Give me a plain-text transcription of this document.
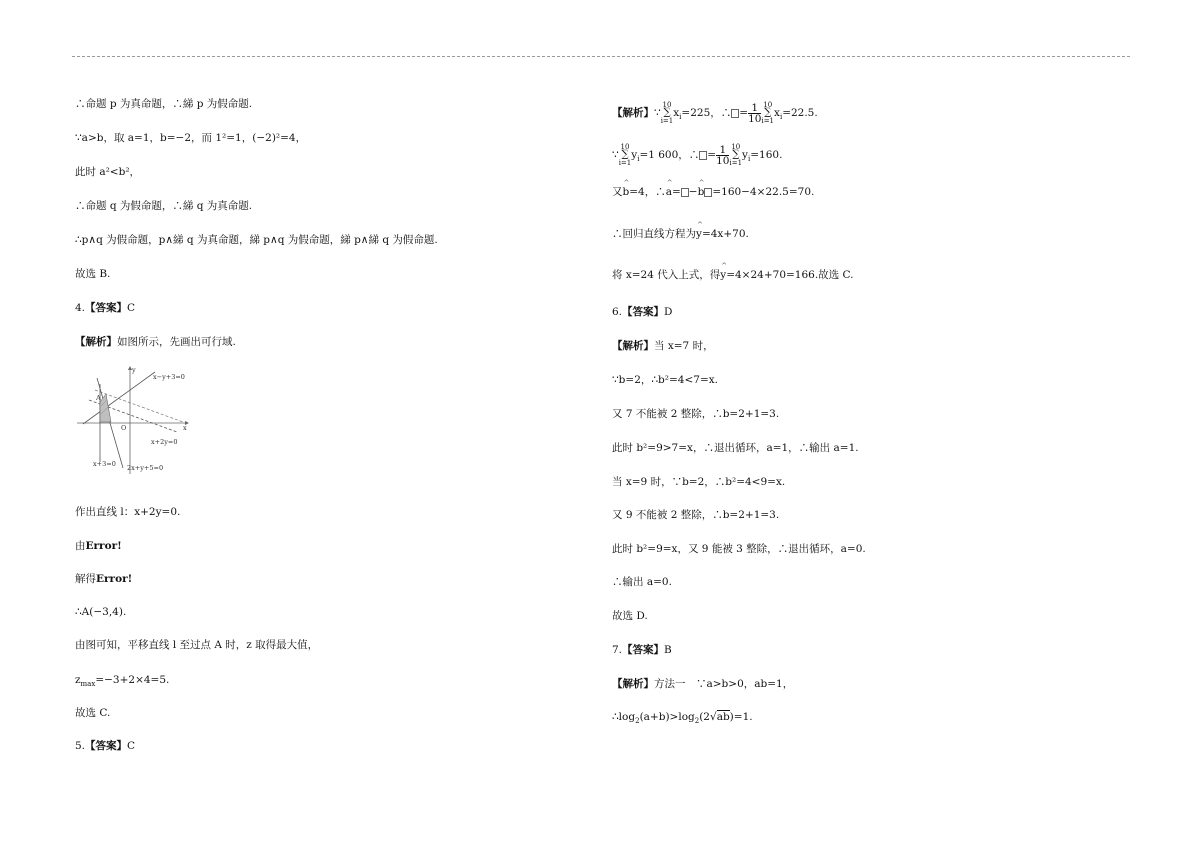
∴命题 p 为真命题，∴綈 p 为假命题.
∵a>b，取 a=1，b=−2，而 1²=1，(−2)²=4，
此时 a²<b²，
∴命题 q 为假命题，∴綈 q 为真命题.
∴p∧q 为假命题，p∧綈 q 为真命题，綈 p∧q 为假命题，綈 p∧綈 q 为假命题.
故选 B.
4.【答案】C
【解析】如图所示，先画出可行域.
x−y+3=0
x+2y=0
x+3=0 2x+y+5=0
A
O	x
y
作出直线 l：x+2y=0.
由Error!
解得Error!
∴A(−3,4).
由图可知，平移直线 l 至过点 A 时，z 取得最大值，
$z_{max}=-3+2\times 4=5$.
故选 C.
5.【答案】C
【解析】∵
10
∑
i=1
$x_i=225$，∴ = $\frac{1}{10} 10$
∑
i=1
$x_i=22.5$.
∵
10
∑
i=1
$y_i=1$ 600，∴ = $\frac{1}{10} 10$
∑
i=1
$y_i=160$.
又^ b=4，∴^ a= −^ b =160−4×22.5=70.
∴回归直线方程为^ y=4x+70.
将 x=24 代入上式，得^ y=4×24+70=166.故选 C.
6.【答案】D
【解析】当 x=7 时，
∵b=2，∴b²=4<7=x.
又 7 不能被 2 整除，∴b=2+1=3.
此时 b²=9>7=x，∴退出循环，a=1，∴输出 a=1.
当 x=9 时，∵b=2，∴b²=4<9=x.
又 9 不能被 2 整除，∴b=2+1=3.
此时 b²=9=x，又 9 能被 3 整除，∴退出循环，a=0.
∴输出 a=0.
故选 D.
7.【答案】B
【解析】方法一　∵a>b>0，ab=1，
$\therefore\log_2(a+b)>\log_2(2√ab)=1$.
